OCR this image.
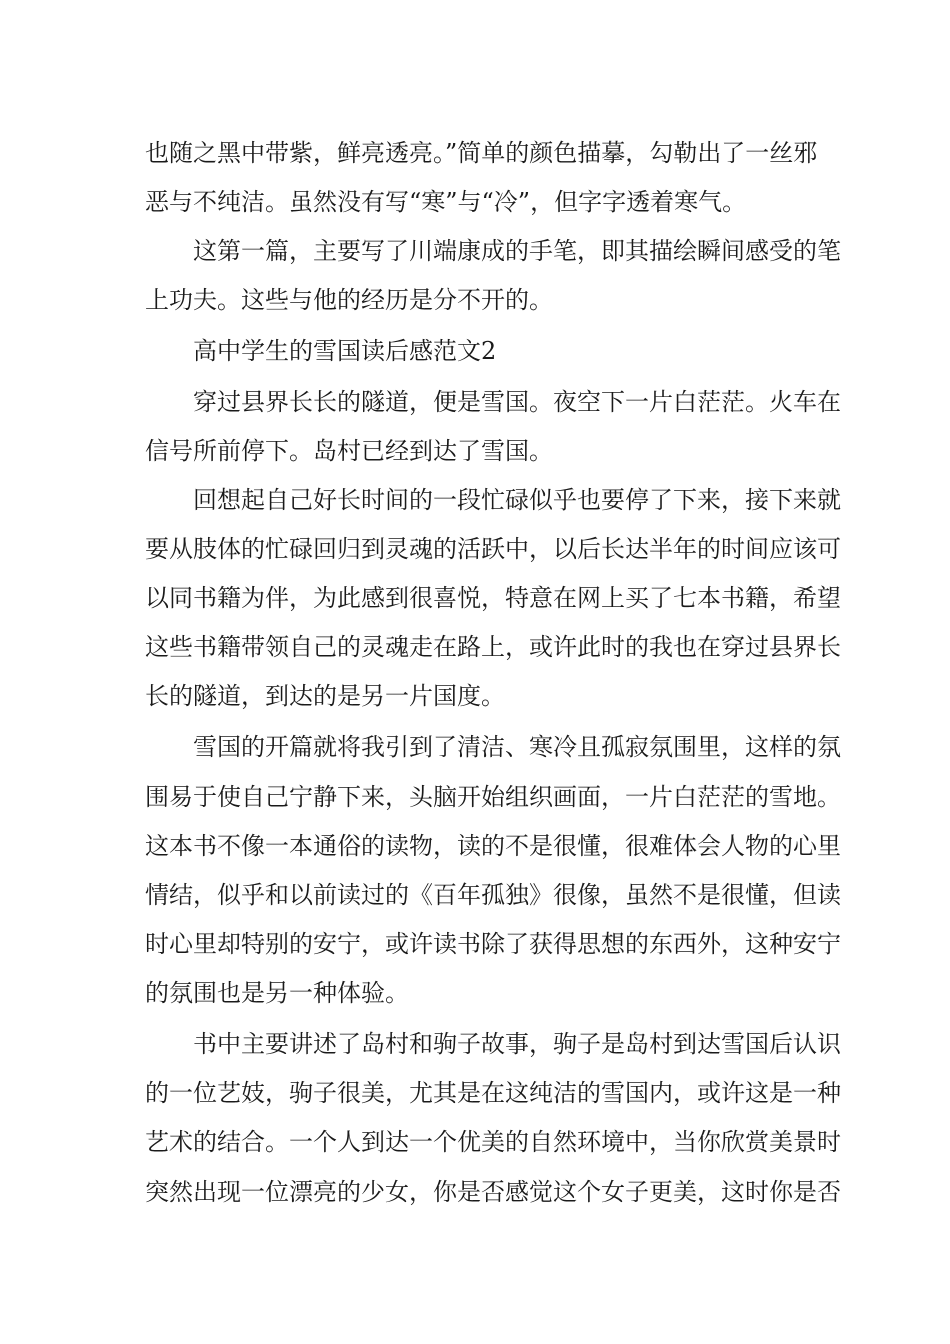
也随之黑中带紫，鲜亮透亮。”简单的颜色描摹，勾勒出了一丝邪

恶与不纯洁。虽然没有写“寒”与“冷”，但字字透着寒气。

这第一篇，主要写了川端康成的手笔，即其描绘瞬间感受的笔

上功夫。这些与他的经历是分不开的。

高中学生的雪国读后感范文2

穿过县界长长的隧道，便是雪国。夜空下一片白茫茫。火车在

信号所前停下。岛村已经到达了雪国。

回想起自己好长时间的一段忙碌似乎也要停了下来，接下来就

要从肢体的忙碌回归到灵魂的活跃中，以后长达半年的时间应该可

以同书籍为伴，为此感到很喜悦，特意在网上买了七本书籍，希望

这些书籍带领自己的灵魂走在路上，或许此时的我也在穿过县界长

长的隧道，到达的是另一片国度。

雪国的开篇就将我引到了清洁、寒冷且孤寂氛围里，这样的氛

围易于使自己宁静下来，头脑开始组织画面，一片白茫茫的雪地。

这本书不像一本通俗的读物，读的不是很懂，很难体会人物的心里

情结，似乎和以前读过的《百年孤独》很像，虽然不是很懂，但读

时心里却特别的安宁，或许读书除了获得思想的东西外，这种安宁

的氛围也是另一种体验。

书中主要讲述了岛村和驹子故事，驹子是岛村到达雪国后认识

的一位艺妓，驹子很美，尤其是在这纯洁的雪国内，或许这是一种

艺术的结合。一个人到达一个优美的自然环境中，当你欣赏美景时

突然出现一位漂亮的少女，你是否感觉这个女子更美，这时你是否
